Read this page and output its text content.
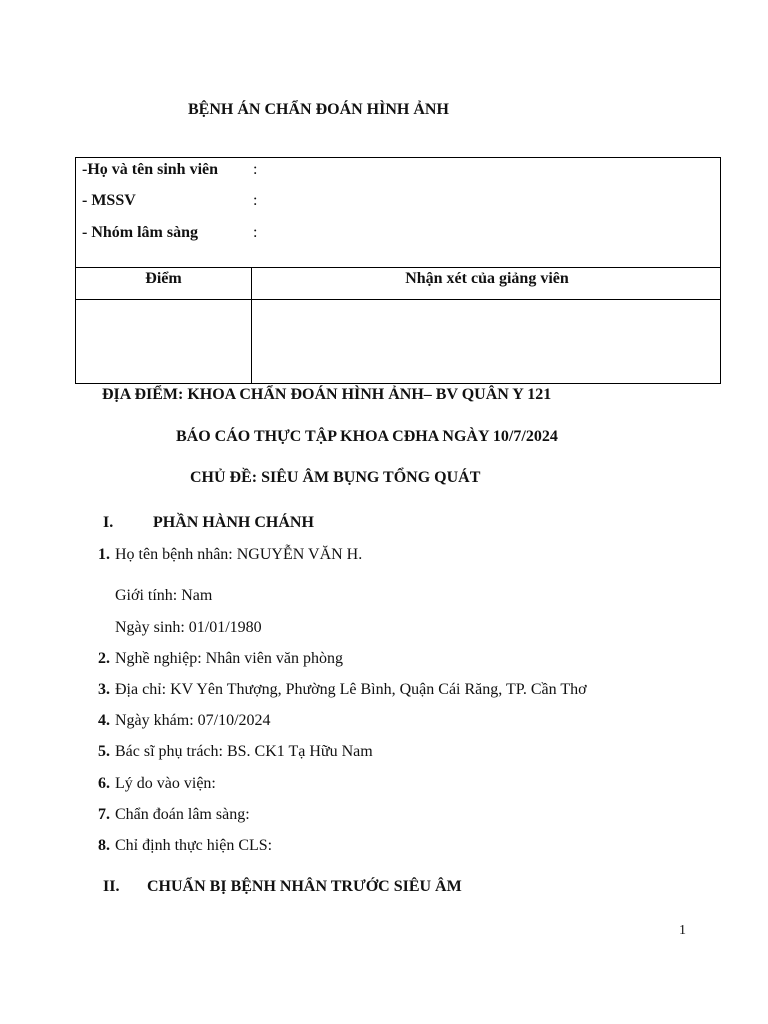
BỆNH ÁN CHẨN ĐOÁN HÌNH ẢNH
-Họ và tên sinh viên :
- MSSV	:
- Nhóm lâm sàng	:
Điểm	Nhận xét của giảng viên
ĐỊA ĐIỂM: KHOA CHẨN ĐOÁN HÌNH ẢNH– BV QUÂN Y 121
BÁO CÁO THỰC TẬP KHOA CĐHA NGÀY 10/7/2024
CHỦ ĐỀ: SIÊU ÂM BỤNG TỔNG QUÁT
I. PHẦN HÀNH CHÁNH
1. Họ tên bệnh nhân: NGUYỄN VĂN H.
Giới tính: Nam
Ngày sinh: 01/01/1980
2. Nghề nghiệp: Nhân viên văn phòng
3. Địa chỉ: KV Yên Thượng, Phường Lê Bình, Quận Cái Răng, TP. Cần Thơ
4. Ngày khám: 07/10/2024
5. Bác sĩ phụ trách: BS. CK1 Tạ Hữu Nam
6. Lý do vào viện:
7. Chẩn đoán lâm sàng:
8. Chỉ định thực hiện CLS:
II. CHUẨN BỊ BỆNH NHÂN TRƯỚC SIÊU ÂM
1
